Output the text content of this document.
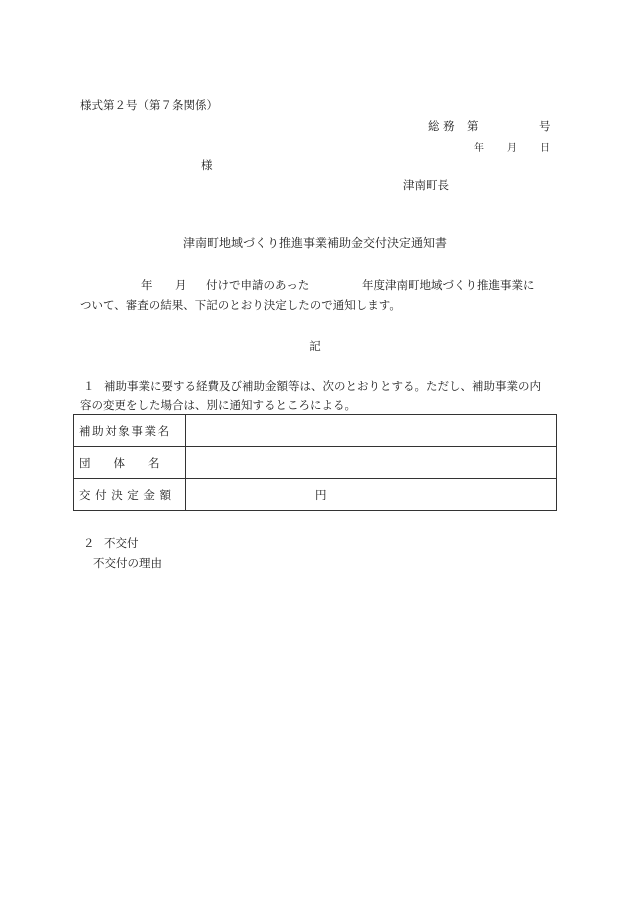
様式第２号（第７条関係）
総 務 第	号
年 月 日
様
津南町長
津南町地域づくり推進事業補助金交付決定通知書
年 月 付けで申請のあった	年度津南町地域づくり推進事業に
ついて、審査の結果、下記のとおり決定したので通知します。
記
１ 補助事業に要する経費及び補助金額等は、次のとおりとする。ただし、補助事業の内
容の変更をした場合は、別に通知するところによる。
補助対象事業名	
団　　体　　名	
交付決定金額	円
２ 不交付
不交付の理由
